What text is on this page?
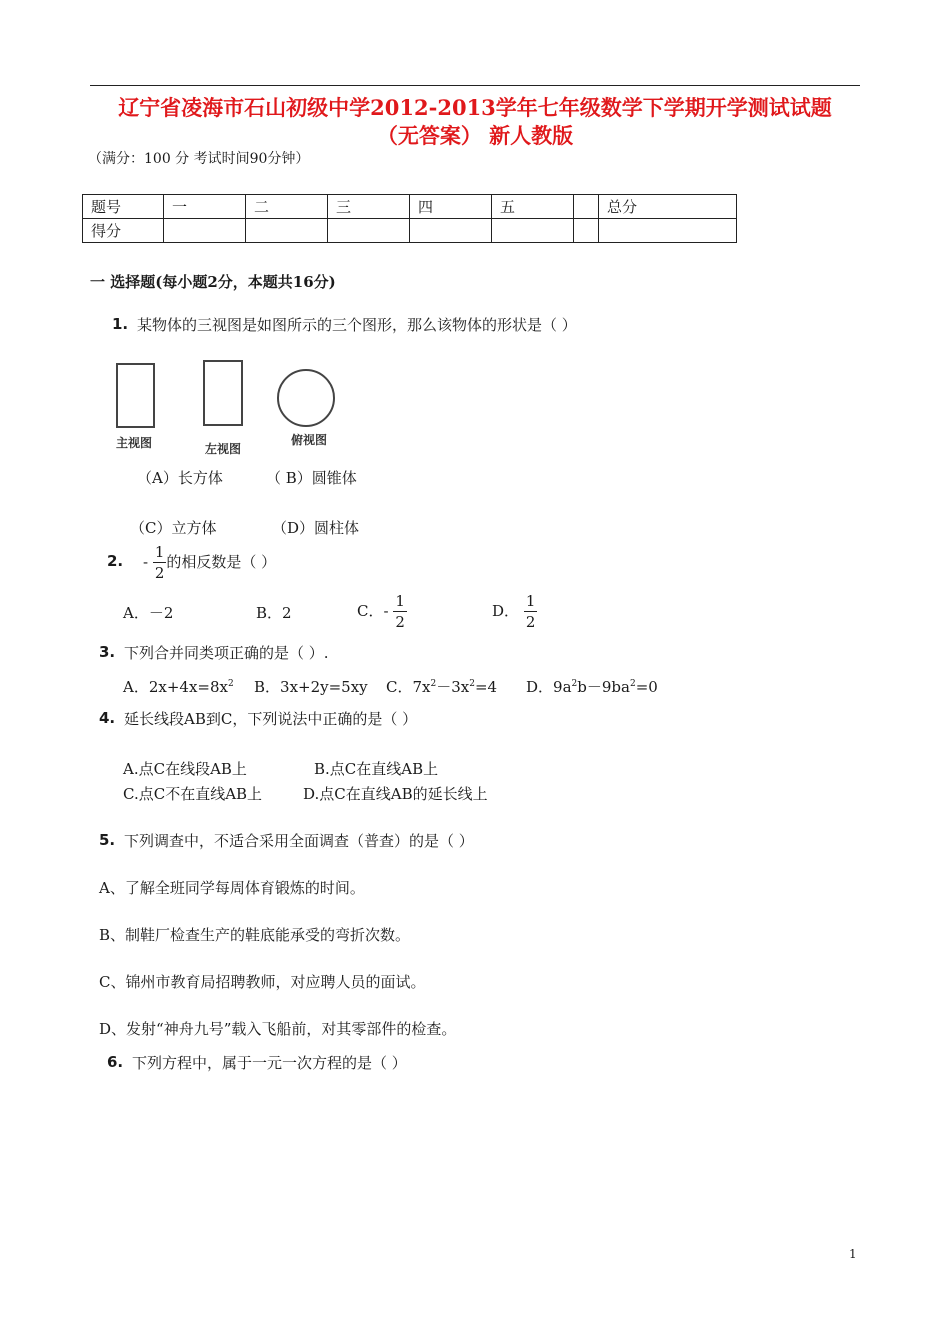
辽宁省凌海市石山初级中学2012-2013学年七年级数学下学期开学测试试题
（无答案） 新人教版
（满分：100 分 考试时间90分钟）
题号	一	二	三	四	五		总分
得分							
一 选择题(每小题2分，本题共16分)
1. 某物体的三视图是如图所示的三个图形，那么该物体的形状是（ ）
主视图	左视图
俯视图
（A）长方体	（ B）圆锥体
（C）立方体	（D）圆柱体
2. - $\frac{1}{2}$ 的相反数是（ ）
A．－2	B．2	C．- $\frac{1}{2}$	D． $\frac{1}{2}$
3. 下列合并同类项正确的是（ ）.
A．$2x+4x=8x^2$ B．3x+2y=5xy C．$7x^2-3x^2=4$ D．$9a^2b-9ba^2=0$
4. 延长线段AB到C，下列说法中正确的是（ ）
A.点C在线段AB上	B.点C在直线AB上
C.点C不在直线AB上	D.点C在直线AB的延长线上
5. 下列调查中，不适合采用全面调查（普查）的是（ ）
A、了解全班同学每周体育锻炼的时间。
B、制鞋厂检查生产的鞋底能承受的弯折次数。
C、锦州市教育局招聘教师，对应聘人员的面试。
D、发射“神舟九号”载入飞船前，对其零部件的检查。
6. 下列方程中，属于一元一次方程的是（ ）
1
